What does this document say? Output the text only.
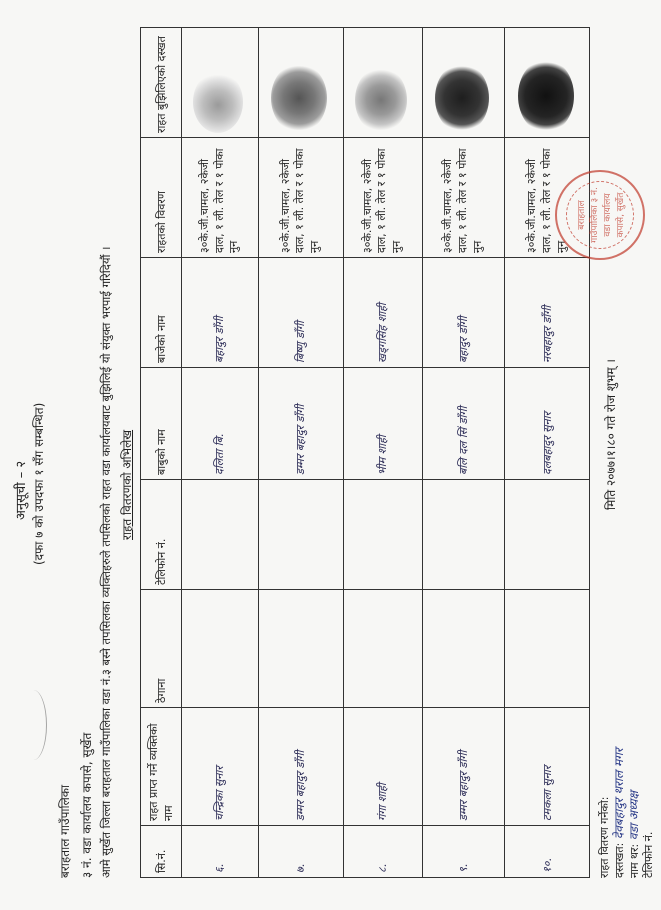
अनुसूची – २ (दफा ७ को उपदफा १ सँग सम्बन्धित)
बराहताल गाउँपालिका ३ नं. वडा कार्यालय कपासे, सुर्खेत आमे सुर्खेत जिल्ला बराहताल गाउँपालिका वडा नं.३ बस्ने तपसिलका व्यक्तिहरुले तपसिलको राहत वडा कार्यालयबाट बुझिलिई यो संयुक्त भरपाई गरिदियौं । राहत वितरणको अभिलेख
सि.नं.	राहत प्राप्त गर्ने व्यक्तिको नाम	ठेगाना	टेलिफोन नं.	बाबुको नाम	बाजेको नाम	राहतको विवरण	राहत बुझिलिएको दस्खत
६.	चन्द्रिका सुनार			दलिता बि.	बहादुर डाँगी	३०के.जी.चामल, २केजी दाल, १ ली. तेल र १ पोका नुन	
७.	डम्मर बहादुर डाँगी			डम्मर बहादुर डाँगी	बिष्णु डाँगी	३०के.जी.चामल, २केजी दाल, १ ली. तेल र १ पोका नुन	
८.	गंगा शाही			भीम शाही	खड्गसिंह शाही	३०के.जी.चामल, २केजी दाल, १ ली. तेल र १ पोका नुन	
९.	डम्मर बहादुर डाँगी			बलि दल सिं डाँगी	बहादुर डाँगी	३०के.जी.चामल, २केजी दाल, १ ली. तेल र १ पोका नुन	
१०.	टमकला सुनार			दलबहादुर सुनार	नरबहादुर डाँगी	३०के.जी.चामल, २केजी दाल, १ ली. तेल र १ पोका नुन	
बराहताल गाउँपालिका ३ नं. वडा कार्यालय कपासे, सुर्खेत
राहत वितरण गर्नेको: दस्तखत: देवबहादुर थराल मगर
नाम थर: वडा अध्यक्ष
टेलिफोन नं.
मिति २०७७।१।८० गते रोज शुभम् ।
